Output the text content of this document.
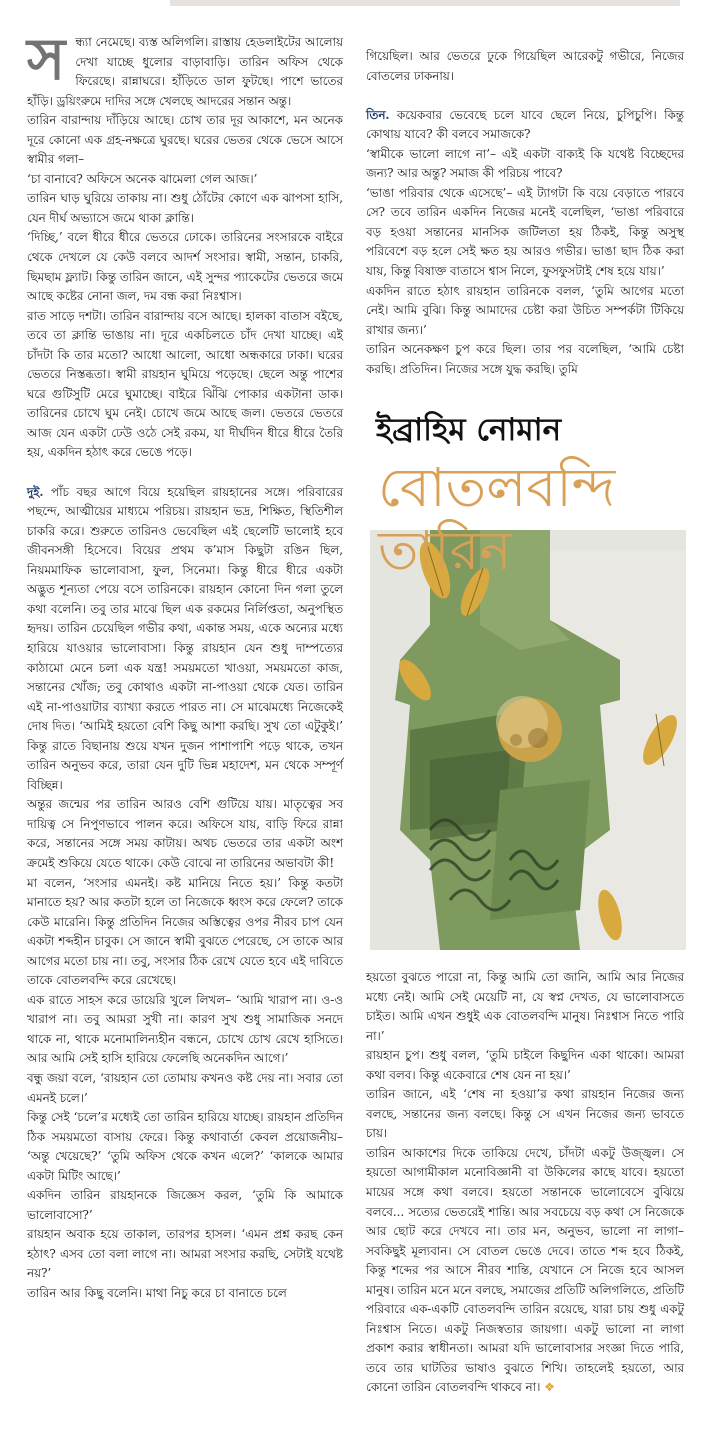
সন্ধ্যা নেমেছে। ব্যস্ত অলিগলি। রাস্তায় হেডলাইটের আলোয় দেখা যাচ্ছে ধুলোর বাড়াবাড়ি। তারিন অফিস থেকে ফিরেছে। রান্নাঘরে। হাঁড়িতে ডাল ফুটছে। পাশে ভাতের হাঁড়ি। ড্রয়িংরুমে দাদির সঙ্গে খেলছে আদরের সন্তান অন্তু।

তারিন বারান্দায় দাঁড়িয়ে আছে। চোখ তার দূর আকাশে, মন অনেক দূরে কোনো এক গ্রহ-নক্ষত্রে ঘুরছে। ঘরের ভেতর থেকে ভেসে আসে স্বামীর গলা–

‘চা বানাবে? অফিসে অনেক ঝামেলা গেল আজ।’

তারিন ঘাড় ঘুরিয়ে তাকায় না। শুধু ঠোঁটের কোণে এক ঝাপসা হাসি, যেন দীর্ঘ অভ্যাসে জমে থাকা ক্লান্তি।

‘দিচ্ছি,’ বলে ধীরে ধীরে ভেতরে ঢোকে। তারিনের সংসারকে বাইরে থেকে দেখলে যে কেউ বলবে আদর্শ সংসার। স্বামী, সন্তান, চাকরি, ছিমছাম ফ্ল্যাট। কিন্তু তারিন জানে, এই সুন্দর প্যাকেটের ভেতরে জমে আছে কষ্টের নোনা জল, দম বন্ধ করা নিঃশ্বাস।

রাত সাড়ে দশটা। তারিন বারান্দায় বসে আছে। হালকা বাতাস বইছে, তবে তা ক্লান্তি ভাঙায় না। দূরে একচিলতে চাঁদ দেখা যাচ্ছে। এই চাঁদটা কি তার মতো? আধো আলো, আধো অন্ধকারে ঢাকা। ঘরের ভেতরে নিস্তব্ধতা। স্বামী রায়হান ঘুমিয়ে পড়েছে। ছেলে অন্তু পাশের ঘরে গুটিসুটি মেরে ঘুমাচ্ছে। বাইরে ঝিঁঝি পোকার একটানা ডাক। তারিনের চোখে ঘুম নেই। চোখে জমে আছে জল। ভেতরে ভেতরে আজ যেন একটা ঢেউ ওঠে সেই রকম, যা দীর্ঘদিন ধীরে ধীরে তৈরি হয়, একদিন হঠাৎ করে ভেঙে পড়ে।

দুই. পাঁচ বছর আগে বিয়ে হয়েছিল রায়হানের সঙ্গে। পরিবারের পছন্দে, আত্মীয়ের মাধ্যমে পরিচয়। রায়হান ভদ্র, শিক্ষিত, স্থিতিশীল চাকরি করে। শুরুতে তারিনও ভেবেছিল এই ছেলেটি ভালোই হবে জীবনসঙ্গী হিসেবে। বিয়ের প্রথম ক’মাস কিছুটা রঙিন ছিল, নিয়মমাফিক ভালোবাসা, ফুল, সিনেমা। কিন্তু ধীরে ধীরে একটা অদ্ভুত শূন্যতা পেয়ে বসে তারিনকে। রায়হান কোনো দিন গলা তুলে কথা বলেনি। তবু তার মাঝে ছিল এক রকমের নির্লিপ্ততা, অনুপস্থিত হৃদয়। তারিন চেয়েছিল গভীর কথা, একান্ত সময়, একে অন্যের মধ্যে হারিয়ে যাওয়ার ভালোবাসা। কিন্তু রায়হান যেন শুধু দাম্পত্যের কাঠামো মেনে চলা এক যন্ত্র! সময়মতো খাওয়া, সময়মতো কাজ, সন্তানের খোঁজ; তবু কোথাও একটা না-পাওয়া থেকে যেত। তারিন এই না-পাওয়াটার ব্যাখ্যা করতে পারত না। সে মাঝেমধ্যে নিজেকেই দোষ দিত। ‘আমিই হয়তো বেশি কিছু আশা করছি। সুখ তো এটুকুই।’ কিন্তু রাতে বিছানায় শুয়ে যখন দুজন পাশাপাশি পড়ে থাকে, তখন তারিন অনুভব করে, তারা যেন দুটি ভিন্ন মহাদেশ, মন থেকে সম্পূর্ণ বিচ্ছিন্ন।

অন্তুর জন্মের পর তারিন আরও বেশি গুটিয়ে যায়। মাতৃত্বের সব দায়িত্ব সে নিপুণভাবে পালন করে। অফিসে যায়, বাড়ি ফিরে রান্না করে, সন্তানের সঙ্গে সময় কাটায়। অথচ ভেতরে তার একটা অংশ ক্রমেই শুকিয়ে যেতে থাকে। কেউ বোঝে না তারিনের অভাবটা কী!

মা বলেন, ‘সংসার এমনই। কষ্ট মানিয়ে নিতে হয়।’ কিন্তু কতটা মানাতে হয়? আর কতটা হলে তা নিজেকে ধ্বংস করে ফেলে? তাকে কেউ মারেনি। কিন্তু প্রতিদিন নিজের অস্তিত্বের ওপর নীরব চাপ যেন একটা শব্দহীন চাবুক। সে জানে স্বামী বুঝতে পেরেছে, সে তাকে আর আগের মতো চায় না। তবু, সংসার ঠিক রেখে যেতে হবে এই দাবিতে তাকে বোতলবন্দি করে রেখেছে।

এক রাতে সাহস করে ডায়েরি খুলে লিখল– ‘আমি খারাপ না। ও-ও খারাপ না। তবু আমরা সুখী না। কারণ সুখ শুধু সামাজিক সনদে থাকে না, থাকে মনোমালিন্যহীন বন্ধনে, চোখে চোখ রেখে হাসিতে। আর আমি সেই হাসি হারিয়ে ফেলেছি অনেকদিন আগে।’

বন্ধু জয়া বলে, ‘রায়হান তো তোমায় কখনও কষ্ট দেয় না। সবার তো এমনই চলে।’

কিন্তু সেই ‘চলে’র মধ্যেই তো তারিন হারিয়ে যাচ্ছে। রায়হান প্রতিদিন ঠিক সময়মতো বাসায় ফেরে। কিন্তু কথাবার্তা কেবল প্রয়োজনীয়– ‘অন্তু খেয়েছে?’ ‘তুমি অফিস থেকে কখন এলে?’ ‘কালকে আমার একটা মিটিং আছে।’

একদিন তারিন রায়হানকে জিজ্ঞেস করল, ‘তুমি কি আমাকে ভালোবাসো?’

রায়হান অবাক হয়ে তাকাল, তারপর হাসল। ‘এমন প্রশ্ন করছ কেন হঠাৎ? এসব তো বলা লাগে না। আমরা সংসার করছি, সেটাই যথেষ্ট নয়?’

তারিন আর কিছু বলেনি। মাথা নিচু করে চা বানাতে চলে

গিয়েছিল। আর ভেতরে ঢুকে গিয়েছিল আরেকটু গভীরে, নিজের বোতলের ঢাকনায়।

তিন. কয়েকবার ভেবেছে চলে যাবে ছেলে নিয়ে, চুপিচুপি। কিন্তু কোথায় যাবে? কী বলবে সমাজকে?

‘স্বামীকে ভালো লাগে না’– এই একটা বাক্যই কি যথেষ্ট বিচ্ছেদের জন্য? আর অন্তু? সমাজ কী পরিচয় পাবে?

‘ভাঙা পরিবার থেকে এসেছে’– এই ট্যাগটা কি বয়ে বেড়াতে পারবে সে? তবে তারিন একদিন নিজের মনেই বলেছিল, ‘ভাঙা পরিবারে বড় হওয়া সন্তানের মানসিক জটিলতা হয় ঠিকই, কিন্তু অসুস্থ পরিবেশে বড় হলে সেই ক্ষত হয় আরও গভীর। ভাঙা ছাদ ঠিক করা যায়, কিন্তু বিষাক্ত বাতাসে শ্বাস নিলে, ফুসফুসটাই শেষ হয়ে যায়।’

একদিন রাতে হঠাৎ রায়হান তারিনকে বলল, ‘তুমি আগের মতো নেই। আমি বুঝি। কিন্তু আমাদের চেষ্টা করা উচিত সম্পর্কটা টিকিয়ে রাখার জন্য।’

তারিন অনেকক্ষণ চুপ করে ছিল। তার পর বলেছিল, ‘আমি চেষ্টা করছি। প্রতিদিন। নিজের সঙ্গে যুদ্ধ করছি। তুমি

ইব্রাহিম নোমান
বোতলবন্দি
তারিন

হয়তো বুঝতে পারো না, কিন্তু আমি তো জানি, আমি আর নিজের মধ্যে নেই। আমি সেই মেয়েটি না, যে স্বপ্ন দেখত, যে ভালোবাসতে চাইত। আমি এখন শুধুই এক বোতলবন্দি মানুষ। নিঃশ্বাস নিতে পারি না।’

রায়হান চুপ। শুধু বলল, ‘তুমি চাইলে কিছুদিন একা থাকো। আমরা কথা বলব। কিন্তু একেবারে শেষ যেন না হয়।’

তারিন জানে, এই ‘শেষ না হওয়া’র কথা রায়হান নিজের জন্য বলছে, সন্তানের জন্য বলছে। কিন্তু সে এখন নিজের জন্য ভাবতে চায়।

তারিন আকাশের দিকে তাকিয়ে দেখে, চাঁদটা একটু উজ্জ্বল। সে হয়তো আগামীকাল মনোবিজ্ঞানী বা উকিলের কাছে যাবে। হয়তো মায়ের সঙ্গে কথা বলবে। হয়তো সন্তানকে ভালোবেসে বুঝিয়ে বলবে... সত্যের ভেতরেই শান্তি। আর সবচেয়ে বড় কথা সে নিজেকে আর ছোট করে দেখবে না। তার মন, অনুভব, ভালো না লাগা– সবকিছুই মূল্যবান। সে বোতল ভেঙে দেবে। তাতে শব্দ হবে ঠিকই, কিন্তু শব্দের পর আসে নীরব শান্তি, যেখানে সে নিজে হবে আসল মানুষ। তারিন মনে মনে বলছে, সমাজের প্রতিটি অলিগলিতে, প্রতিটি পরিবারে এক-একটি বোতলবন্দি তারিন রয়েছে, যারা চায় শুধু একটু নিঃশ্বাস নিতে। একটু নিজস্বতার জায়গা। একটু ভালো না লাগা প্রকাশ করার স্বাধীনতা। আমরা যদি ভালোবাসার সংজ্ঞা দিতে পারি, তবে তার ঘাটতির ভাষাও বুঝতে শিখি। তাহলেই হয়তো, আর কোনো তারিন বোতলবন্দি থাকবে না। ❖
